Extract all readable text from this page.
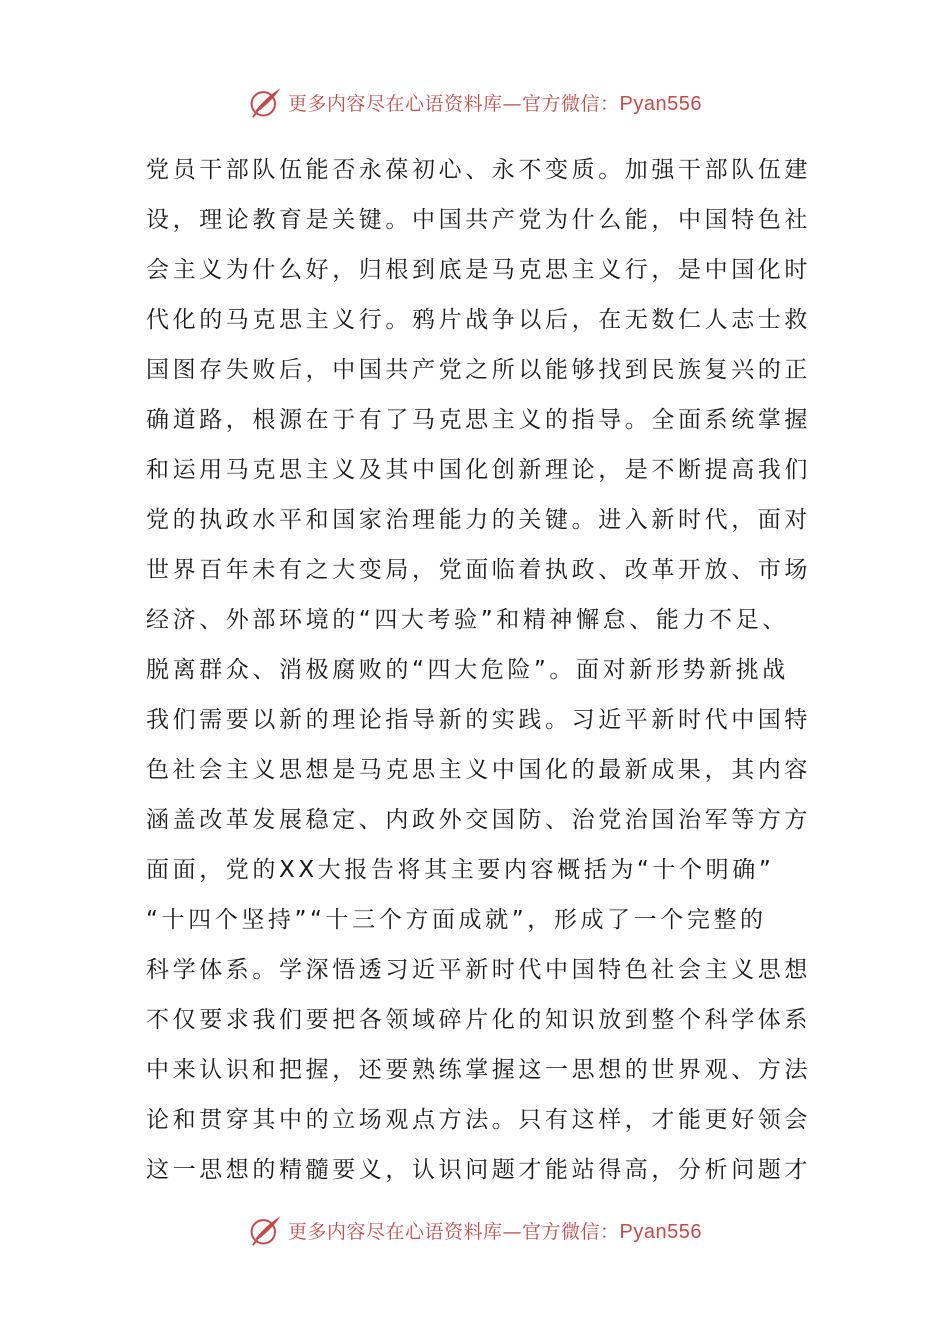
更多内容尽在心语资料库—官方微信：Pyan556
党员干部队伍能否永葆初心、永不变质。加强干部队伍建
设，理论教育是关键。中国共产党为什么能，中国特色社
会主义为什么好，归根到底是马克思主义行，是中国化时
代化的马克思主义行。鸦片战争以后，在无数仁人志士救
国图存失败后，中国共产党之所以能够找到民族复兴的正
确道路，根源在于有了马克思主义的指导。全面系统掌握
和运用马克思主义及其中国化创新理论，是不断提高我们
党的执政水平和国家治理能力的关键。进入新时代，面对
世界百年未有之大变局，党面临着执政、改革开放、市场
经济、外部环境的“四大考验”和精神懈怠、能力不足、
脱离群众、消极腐败的“四大危险”。面对新形势新挑战
我们需要以新的理论指导新的实践。习近平新时代中国特
色社会主义思想是马克思主义中国化的最新成果，其内容
涵盖改革发展稳定、内政外交国防、治党治国治军等方方
面面，党的XX大报告将其主要内容概括为“十个明确”
“十四个坚持”“十三个方面成就”，形成了一个完整的
科学体系。学深悟透习近平新时代中国特色社会主义思想
不仅要求我们要把各领域碎片化的知识放到整个科学体系
中来认识和把握，还要熟练掌握这一思想的世界观、方法
论和贯穿其中的立场观点方法。只有这样，才能更好领会
这一思想的精髓要义，认识问题才能站得高，分析问题才
更多内容尽在心语资料库—官方微信：Pyan556
